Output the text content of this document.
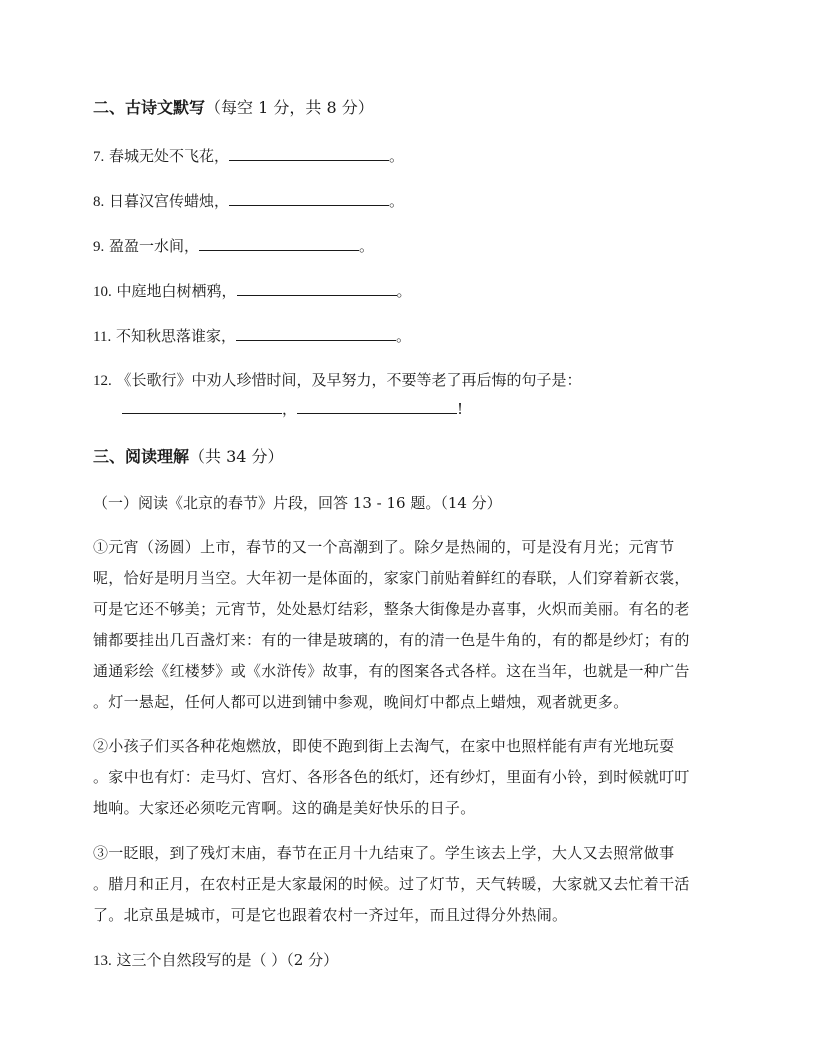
二、古诗文默写（每空 1 分，共 8 分）
7. 春城无处不飞花，	。
8. 日暮汉宫传蜡烛，	。
9. 盈盈一水间，	。
10. 中庭地白树栖鸦，	。
11. 不知秋思落谁家，	。
12. 《长歌行》中劝人珍惜时间，及早努力，不要等老了再后悔的句子是：
，	!
三、阅读理解（共 34 分）
（一）阅读《北京的春节》片段，回答 13 - 16 题。（14 分）

①元宵（汤圆）上市，春节的又一个高潮到了。除夕是热闹的，可是没有月光；元宵节

呢，恰好是明月当空。大年初一是体面的，家家门前贴着鲜红的春联，人们穿着新衣裳，

可是它还不够美；元宵节，处处悬灯结彩，整条大街像是办喜事，火炽而美丽。有名的老

铺都要挂出几百盏灯来：有的一律是玻璃的，有的清一色是牛角的，有的都是纱灯；有的

通通彩绘《红楼梦》或《水浒传》故事，有的图案各式各样。这在当年，也就是一种广告

。灯一悬起，任何人都可以进到铺中参观，晚间灯中都点上蜡烛，观者就更多。

②小孩子们买各种花炮燃放，即使不跑到街上去淘气，在家中也照样能有声有光地玩耍

。家中也有灯：走马灯、宫灯、各形各色的纸灯，还有纱灯，里面有小铃，到时候就叮叮

地响。大家还必须吃元宵啊。这的确是美好快乐的日子。

③一眨眼，到了残灯末庙，春节在正月十九结束了。学生该去上学，大人又去照常做事

。腊月和正月，在农村正是大家最闲的时候。过了灯节，天气转暖，大家就又去忙着干活

了。北京虽是城市，可是它也跟着农村一齐过年，而且过得分外热闹。

13. 这三个自然段写的是（ ）（2 分）
